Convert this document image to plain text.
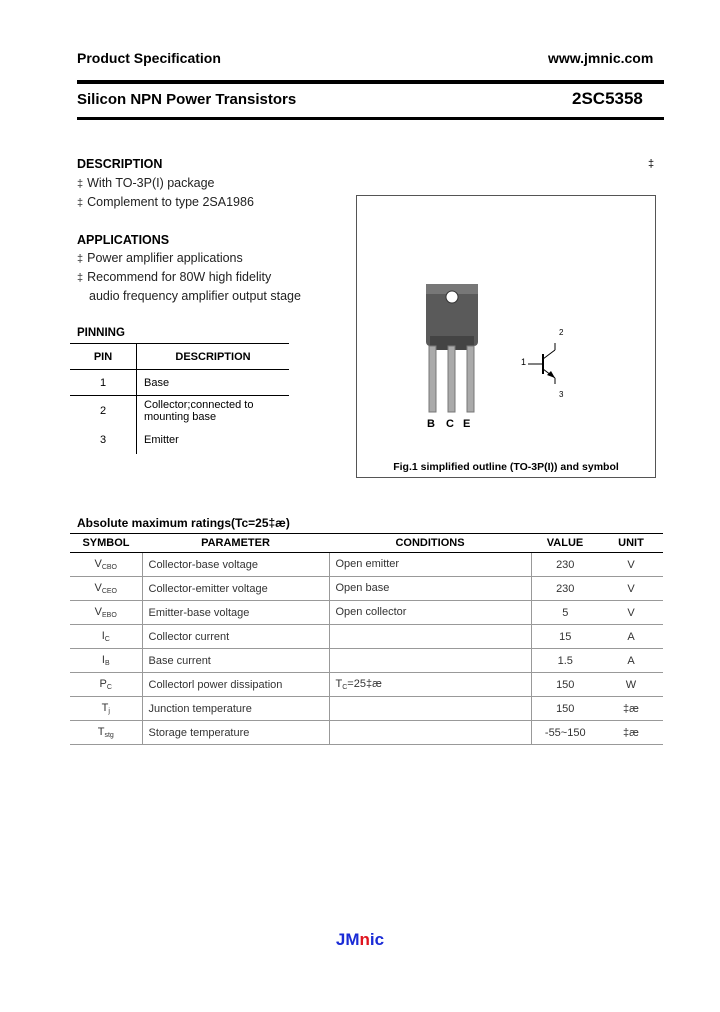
Product Specification	www.jmnic.com
Silicon NPN Power Transistors	2SC5358
‡
DESCRIPTION
‡ With TO-3P(I) package
‡ Complement to type 2SA1986
APPLICATIONS
‡ Power amplifier applications
‡ Recommend for 80W high fidelity
audio frequency amplifier output stage
PINNING
PIN	DESCRIPTION
1	Base
2	Collector;connected to
mounting base

3	Emitter
B C E
1
2
3
Fig.1 simplified outline (TO-3P(I)) and symbol
Absolute maximum ratings(Tc=25‡æ)
SYMBOL	PARAMETER	CONDITIONS	VALUE	UNIT
$V_{CBO}$	Collector-base voltage	Open emitter	230	V
$V_{CEO}$	Collector-emitter voltage	Open base	230	V
$V_{EBO}$	Emitter-base voltage	Open collector	5	V
$I_C$	Collector current		15	A
$I_B$	Base current		1.5	A
$P_C$	Collectorl power dissipation	$T_C=25\ddagger æ$	150	W
$T_j$	Junction temperature		150	‡æ
$T_{stg}$	Storage temperature		-55~150	‡æ
JMnic
